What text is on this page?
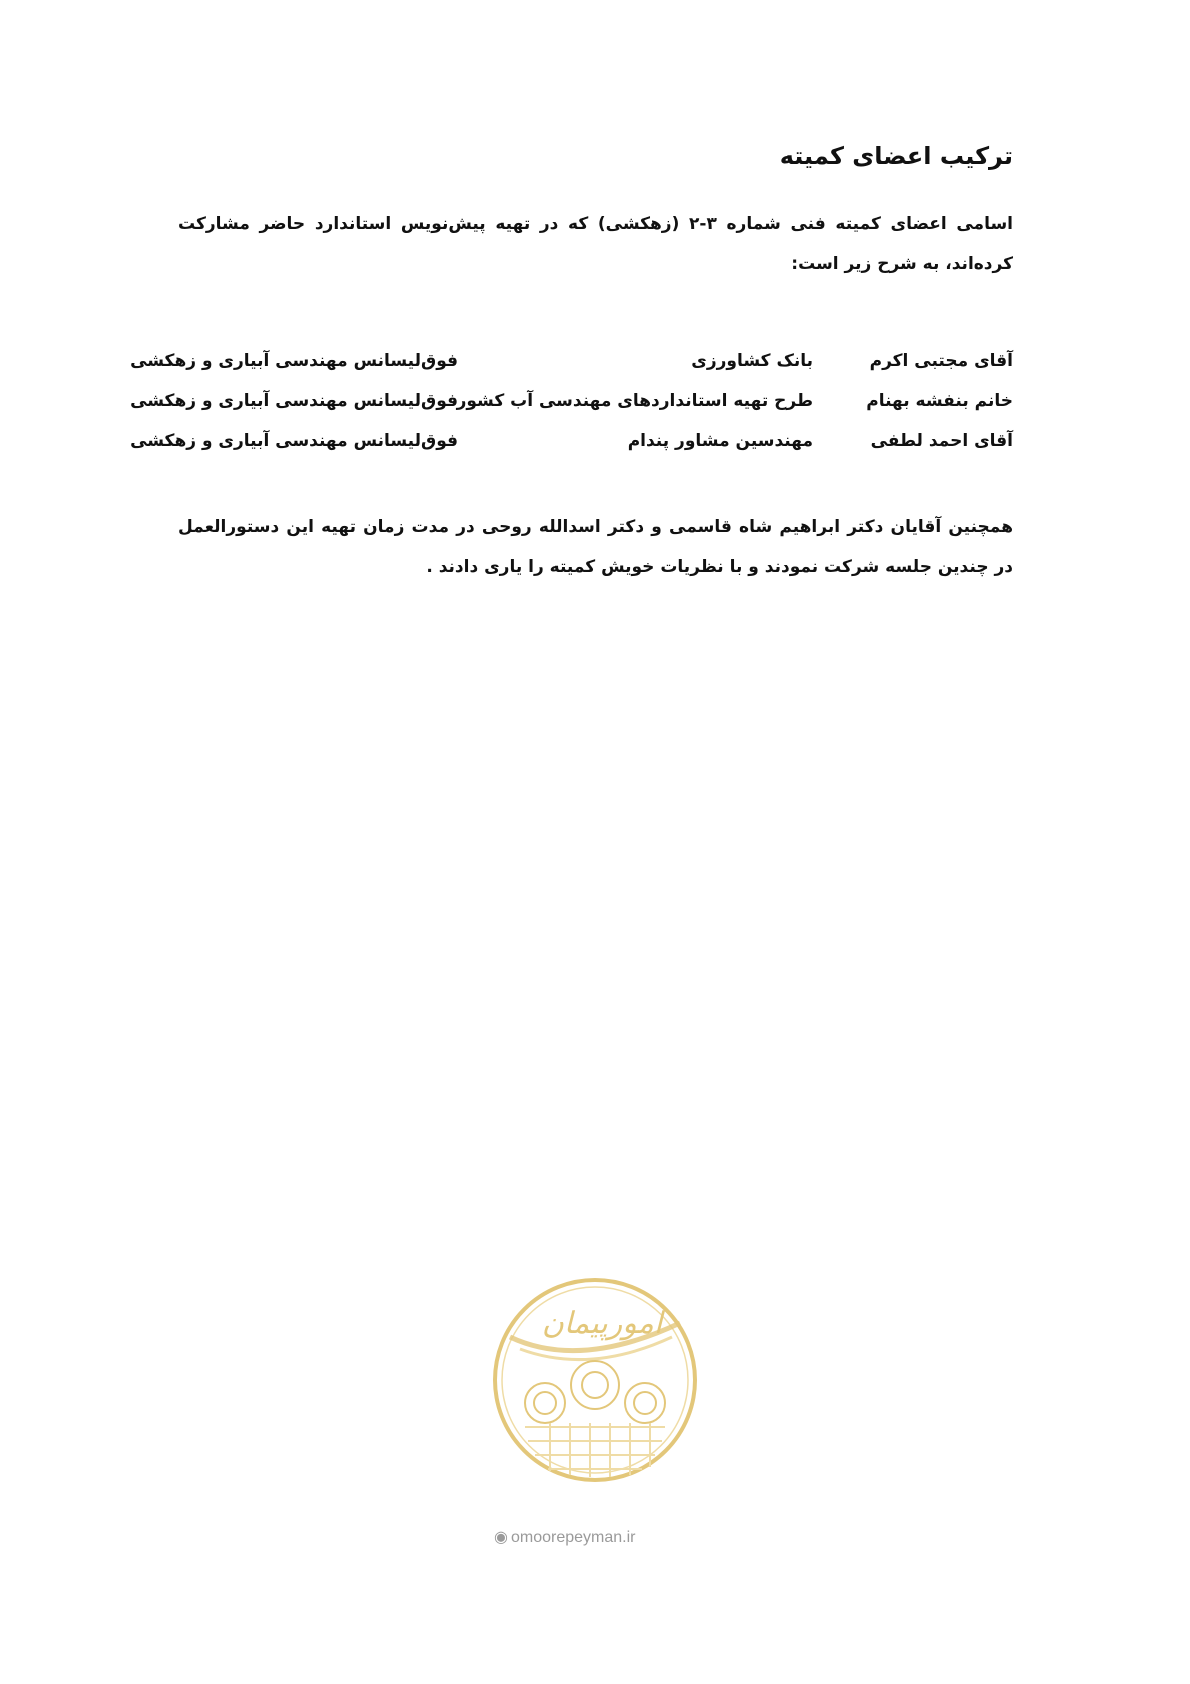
ترکیب اعضای کمیته

اسامی اعضای کمیته فنی شماره ۳-۲ (زهکشی) که در تهیه پیش‌نویس استاندارد حاضر مشارکت کرده‌اند، به شرح زیر است:

آقای مجتبی اکرم
بانک کشاورزی
فوق‌لیسانس مهندسی آبیاری و زهکشی
خانم بنفشه بهنام
طرح تهیه استانداردهای مهندسی آب کشور
فوق‌لیسانس مهندسی آبیاری و زهکشی
آقای احمد لطفی
مهندسین مشاور پندام
فوق‌لیسانس مهندسی آبیاری و زهکشی

همچنین آقایان دکتر ابراهیم شاه قاسمی و دکتر اسدالله روحی در مدت زمان تهیه این دستورالعمل در چندین جلسه شرکت نمودند و با نظریات خویش کمیته را یاری دادند .

امورپیمان
◉ omoorepeyman.ir
